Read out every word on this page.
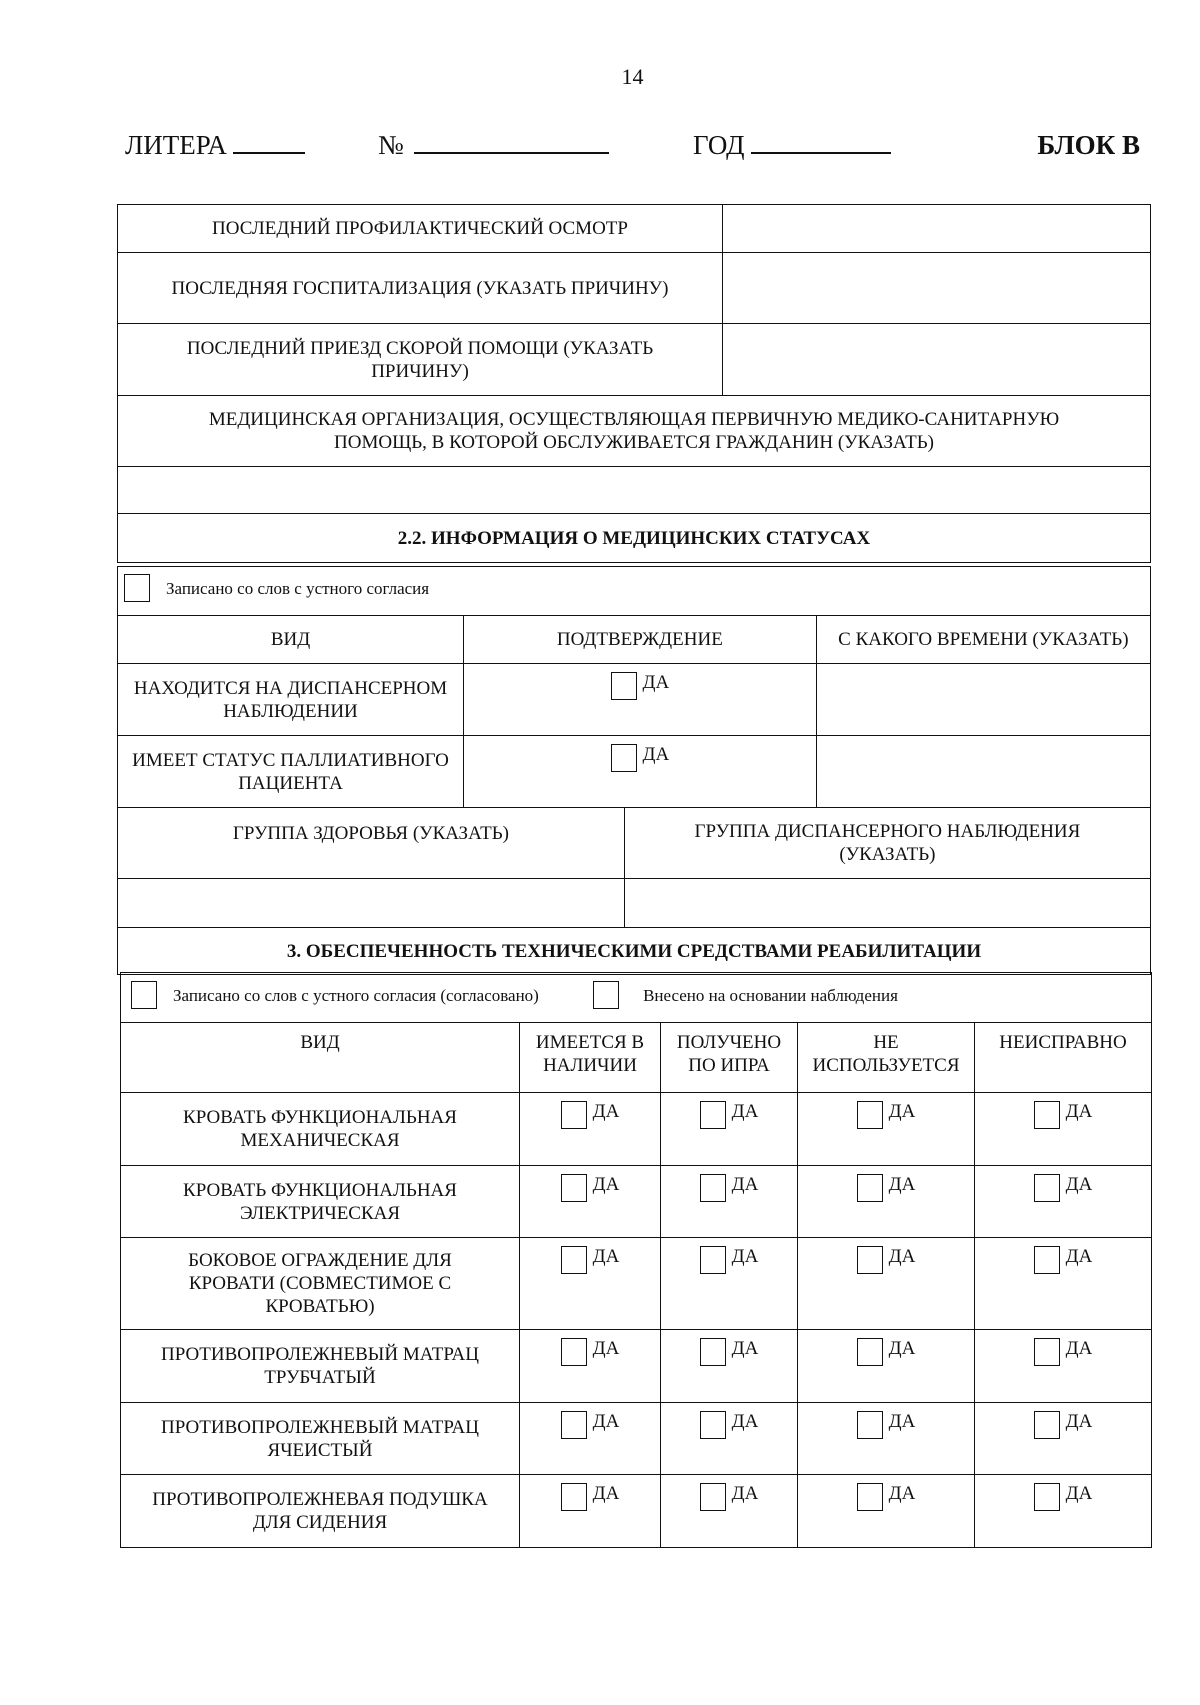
14
ЛИТЕРА	№	ГОД	БЛОК В
ПОСЛЕДНИЙ ПРОФИЛАКТИЧЕСКИЙ ОСМОТР	
ПОСЛЕДНЯЯ ГОСПИТАЛИЗАЦИЯ (УКАЗАТЬ ПРИЧИНУ)	
ПОСЛЕДНИЙ ПРИЕЗД СКОРОЙ ПОМОЩИ (УКАЗАТЬ ПРИЧИНУ)	
МЕДИЦИНСКАЯ ОРГАНИЗАЦИЯ, ОСУЩЕСТВЛЯЮЩАЯ ПЕРВИЧНУЮ МЕДИКО-САНИТАРНУЮ ПОМОЩЬ, В КОТОРОЙ ОБСЛУЖИВАЕТСЯ ГРАЖДАНИН (УКАЗАТЬ)	

2.2. ИНФОРМАЦИЯ О МЕДИЦИНСКИХ СТАТУСАХ	
Записано со слов с устного согласия			

ВИД	ПОДТВЕРЖДЕНИЕ		С КАКОГО ВРЕМЕНИ (УКАЗАТЬ)
НАХОДИТСЯ НА ДИСПАНСЕРНОМ НАБЛЮДЕНИИ	ДА		

ИМЕЕТ СТАТУС ПАЛЛИАТИВНОГО ПАЦИЕНТА	ДА		

ГРУППА ЗДОРОВЬЯ (УКАЗАТЬ)		ГРУППА ДИСПАНСЕРНОГО НАБЛЮДЕНИЯ (УКАЗАТЬ)	

3. ОБЕСПЕЧЕННОСТЬ ТЕХНИЧЕСКИМИ СРЕДСТВАМИ РЕАБИЛИТАЦИИ			
Записано со слов с устного согласия (согласовано)
Внесено на основании наблюдения				

ВИД	ИМЕЕТСЯ В НАЛИЧИИ	ПОЛУЧЕНО ПО ИПРА	НЕ ИСПОЛЬЗУЕТСЯ	НЕИСПРАВНО
КРОВАТЬ ФУНКЦИОНАЛЬНАЯ МЕХАНИЧЕСКАЯ	ДА	ДА	ДА	ДА

КРОВАТЬ ФУНКЦИОНАЛЬНАЯ ЭЛЕКТРИЧЕСКАЯ	ДА	ДА	ДА	ДА

БОКОВОЕ ОГРАЖДЕНИЕ ДЛЯ КРОВАТИ (СОВМЕСТИМОЕ С КРОВАТЬЮ)	ДА	ДА	ДА	ДА

ПРОТИВОПРОЛЕЖНЕВЫЙ МАТРАЦ ТРУБЧАТЫЙ	ДА	ДА	ДА	ДА

ПРОТИВОПРОЛЕЖНЕВЫЙ МАТРАЦ ЯЧЕИСТЫЙ	ДА	ДА	ДА	ДА

ПРОТИВОПРОЛЕЖНЕВАЯ ПОДУШКА ДЛЯ СИДЕНИЯ	ДА	ДА	ДА	ДА
